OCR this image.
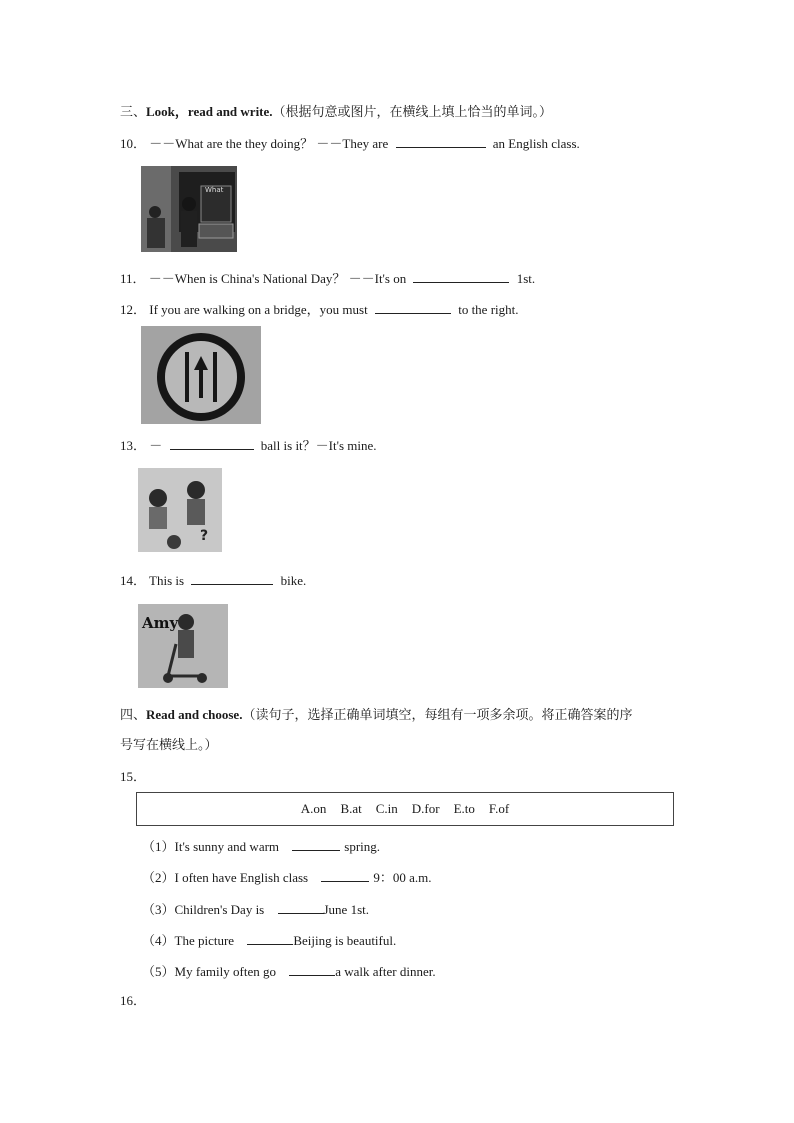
三、Look，read and write.（根据句意或图片，在横线上填上恰当的单词。）
10． －－What are the they doing？ －－They are	an English class.
What
11． －－When is China's National Day？ －－It's on	1st.
12． If you are walking on a bridge，you must	to the right.
13． －	ball is it？－It's mine.
?
14． This is	bike.
Amy
四、Read and choose.（读句子，选择正确单词填空，每组有一项多余项。将正确答案的序
号写在横线上。）
15．
A.on B.at C.in D.for E.to F.of
（1）It's sunny and warm	spring.
（2）I often have English class	9：00 a.m.
（3）Children's Day is	June 1st.
（4）The picture	Beijing is beautiful.
（5）My family often go	a walk after dinner.
16．
